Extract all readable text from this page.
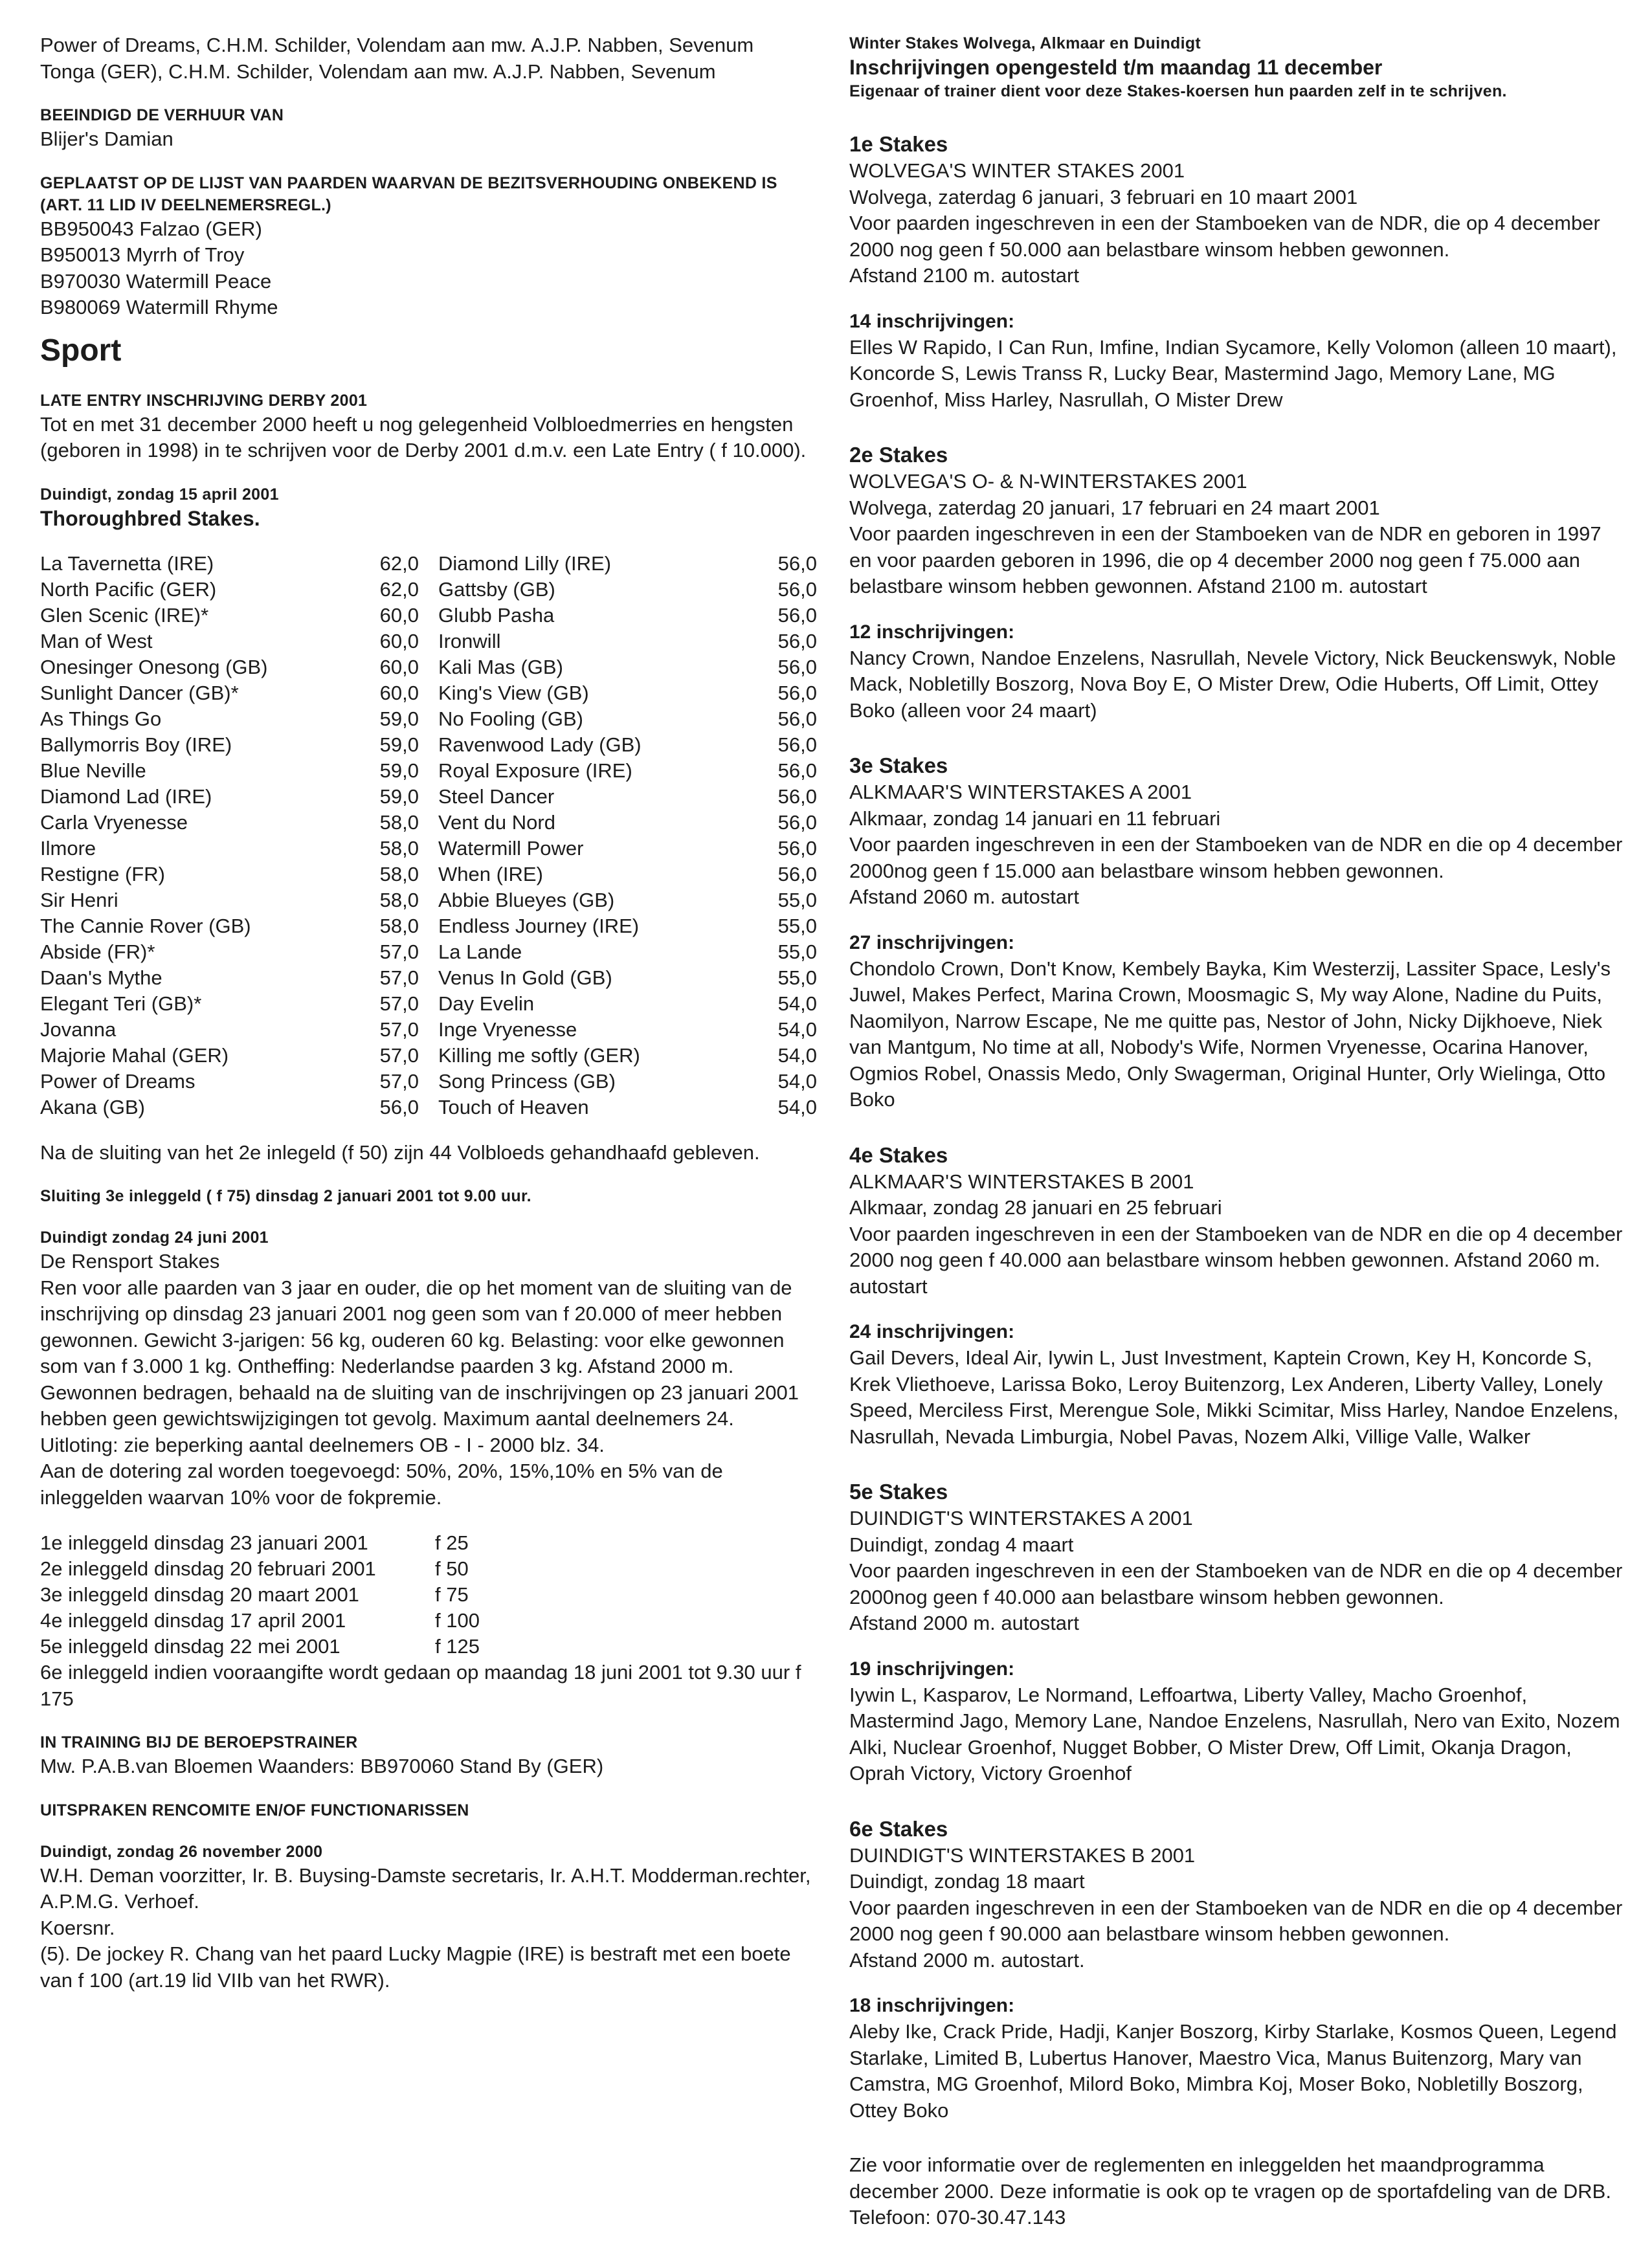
Power of Dreams, C.H.M. Schilder, Volendam aan mw. A.J.P. Nabben, Sevenum

Tonga (GER), C.H.M. Schilder, Volendam aan mw. A.J.P. Nabben, Sevenum

BEEINDIGD DE VERHUUR VAN

Blijer's Damian

GEPLAATST OP DE LIJST VAN PAARDEN WAARVAN DE BEZITSVERHOUDING ONBEKEND IS (ART. 11 LID IV DEELNEMERSREGL.)

BB950043 Falzao (GER)

B950013 Myrrh of Troy

B970030 Watermill Peace

B980069 Watermill Rhyme

Sport

LATE ENTRY INSCHRIJVING DERBY 2001

Tot en met 31 december 2000 heeft u nog gelegenheid Volbloedmerries en hengsten (geboren in 1998) in te schrijven voor de Derby 2001 d.m.v. een Late Entry ( f 10.000).

Duindigt, zondag 15 april 2001

Thoroughbred Stakes.

La Tavernetta (IRE)	62,0
North Pacific (GER)	62,0
Glen Scenic (IRE)*	60,0
Man of West	60,0
Onesinger Onesong (GB)	60,0
Sunlight Dancer (GB)*	60,0
As Things Go	59,0
Ballymorris Boy (IRE)	59,0
Blue Neville	59,0
Diamond Lad (IRE)	59,0
Carla Vryenesse	58,0
Ilmore	58,0
Restigne (FR)	58,0
Sir Henri	58,0
The Cannie Rover (GB)	58,0
Abside (FR)*	57,0
Daan's Mythe	57,0
Elegant Teri (GB)*	57,0
Jovanna	57,0
Majorie Mahal (GER)	57,0
Power of Dreams	57,0
Akana (GB)	56,0
Diamond Lilly (IRE)	56,0
Gattsby (GB)	56,0
Glubb Pasha	56,0
Ironwill	56,0
Kali Mas (GB)	56,0
King's View (GB)	56,0
No Fooling (GB)	56,0
Ravenwood Lady (GB)	56,0
Royal Exposure (IRE)	56,0
Steel Dancer	56,0
Vent du Nord	56,0
Watermill Power	56,0
When (IRE)	56,0
Abbie Blueyes (GB)	55,0
Endless Journey (IRE)	55,0
La Lande	55,0
Venus In Gold (GB)	55,0
Day Evelin	54,0
Inge Vryenesse	54,0
Killing me softly (GER)	54,0
Song Princess (GB)	54,0
Touch of Heaven	54,0

Na de sluiting van het 2e inlegeld (f 50) zijn 44 Volbloeds gehandhaafd gebleven.

Sluiting 3e inleggeld ( f 75) dinsdag 2 januari 2001 tot 9.00 uur.

Duindigt zondag 24 juni 2001

De Rensport Stakes

Ren voor alle paarden van 3 jaar en ouder, die op het moment van de sluiting van de inschrijving op dinsdag 23 januari 2001 nog geen som van f 20.000 of meer hebben gewonnen. Gewicht 3-jarigen: 56 kg, ouderen 60 kg. Belasting: voor elke gewonnen som van f 3.000 1 kg. Ontheffing: Nederlandse paarden 3 kg. Afstand 2000 m.

Gewonnen bedragen, behaald na de sluiting van de inschrijvingen op 23 januari 2001 hebben geen gewichtswijzigingen tot gevolg. Maximum aantal deelnemers 24. Uitloting: zie beperking aantal deelnemers OB - I - 2000 blz. 34.

Aan de dotering zal worden toegevoegd: 50%, 20%, 15%,10% en 5% van de inleggelden waarvan 10% voor de fokpremie.

1e inleggeld dinsdag 23 januari 2001	f 25
2e inleggeld dinsdag 20 februari 2001	f 50
3e inleggeld dinsdag 20 maart 2001	f 75
4e inleggeld dinsdag 17 april 2001	f 100
5e inleggeld dinsdag 22 mei 2001	f 125

6e inleggeld indien vooraangifte wordt gedaan op maandag 18 juni 2001 tot 9.30 uur f 175

IN TRAINING BIJ DE BEROEPSTRAINER

Mw. P.A.B.van Bloemen Waanders: BB970060 Stand By (GER)

UITSPRAKEN RENCOMITE EN/OF FUNCTIONARISSEN

Duindigt, zondag 26 november 2000

W.H. Deman voorzitter, Ir. B. Buysing-Damste secretaris, Ir. A.H.T. Modderman.rechter, A.P.M.G. Verhoef.

Koersnr.

(5). De jockey R. Chang van het paard Lucky Magpie (IRE) is bestraft met een boete van f 100 (art.19 lid VIIb van het RWR).

Winter Stakes Wolvega, Alkmaar en Duindigt

Inschrijvingen opengesteld t/m maandag 11 december

Eigenaar of trainer dient voor deze Stakes-koersen hun paarden zelf in te schrijven.

1e Stakes

WOLVEGA'S WINTER STAKES 2001

Wolvega, zaterdag 6 januari, 3 februari en 10 maart 2001

Voor paarden ingeschreven in een der Stamboeken van de NDR, die op 4 december 2000 nog geen f 50.000 aan belastbare winsom hebben gewonnen.

Afstand 2100 m. autostart

14 inschrijvingen:

Elles W Rapido, I Can Run, Imfine, Indian Sycamore, Kelly Volomon (alleen 10 maart), Koncorde S, Lewis Transs R, Lucky Bear, Mastermind Jago, Memory Lane, MG Groenhof, Miss Harley, Nasrullah, O Mister Drew

2e Stakes

WOLVEGA'S O- & N-WINTERSTAKES 2001

Wolvega, zaterdag 20 januari, 17 februari en 24 maart 2001

Voor paarden ingeschreven in een der Stamboeken van de NDR en geboren in 1997 en voor paarden geboren in 1996, die op 4 december 2000 nog geen f 75.000 aan belastbare winsom hebben gewonnen. Afstand 2100 m. autostart

12 inschrijvingen:

Nancy Crown, Nandoe Enzelens, Nasrullah, Nevele Victory, Nick Beuckenswyk, Noble Mack, Nobletilly Boszorg, Nova Boy E, O Mister Drew, Odie Huberts, Off Limit, Ottey Boko (alleen voor 24 maart)

3e Stakes

ALKMAAR'S WINTERSTAKES A 2001

Alkmaar, zondag 14 januari en 11 februari

Voor paarden ingeschreven in een der Stamboeken van de NDR en die op 4 december 2000nog geen f 15.000 aan belastbare winsom hebben gewonnen.

Afstand 2060 m. autostart

27 inschrijvingen:

Chondolo Crown, Don't Know, Kembely Bayka, Kim Westerzij, Lassiter Space, Lesly's Juwel, Makes Perfect, Marina Crown, Moosmagic S, My way Alone, Nadine du Puits, Naomilyon, Narrow Escape, Ne me quitte pas, Nestor of John, Nicky Dijkhoeve, Niek van Mantgum, No time at all, Nobody's Wife, Normen Vryenesse, Ocarina Hanover, Ogmios Robel, Onassis Medo, Only Swagerman, Original Hunter, Orly Wielinga, Otto Boko

4e Stakes

ALKMAAR'S WINTERSTAKES B 2001

Alkmaar, zondag 28 januari en 25 februari

Voor paarden ingeschreven in een der Stamboeken van de NDR en die op 4 december 2000 nog geen f 40.000 aan belastbare winsom hebben gewonnen. Afstand 2060 m. autostart

24 inschrijvingen:

Gail Devers, Ideal Air, Iywin L, Just Investment, Kaptein Crown, Key H, Koncorde S, Krek Vliethoeve, Larissa Boko, Leroy Buitenzorg, Lex Anderen, Liberty Valley, Lonely Speed, Merciless First, Merengue Sole, Mikki Scimitar, Miss Harley, Nandoe Enzelens, Nasrullah, Nevada Limburgia, Nobel Pavas, Nozem Alki, Villige Valle, Walker

5e Stakes

DUINDIGT'S WINTERSTAKES A 2001

Duindigt, zondag 4 maart

Voor paarden ingeschreven in een der Stamboeken van de NDR en die op 4 december 2000nog geen f 40.000 aan belastbare winsom hebben gewonnen.

Afstand 2000 m. autostart

19 inschrijvingen:

Iywin L, Kasparov, Le Normand, Leffoartwa, Liberty Valley, Macho Groenhof, Mastermind Jago, Memory Lane, Nandoe Enzelens, Nasrullah, Nero van Exito, Nozem Alki, Nuclear Groenhof, Nugget Bobber, O Mister Drew, Off Limit, Okanja Dragon, Oprah Victory, Victory Groenhof

6e Stakes

DUINDIGT'S WINTERSTAKES B 2001

Duindigt, zondag 18 maart

Voor paarden ingeschreven in een der Stamboeken van de NDR en die op 4 december 2000 nog geen f 90.000 aan belastbare winsom hebben gewonnen.

Afstand 2000 m. autostart.

18 inschrijvingen:

Aleby Ike, Crack Pride, Hadji, Kanjer Boszorg, Kirby Starlake, Kosmos Queen, Legend Starlake, Limited B, Lubertus Hanover, Maestro Vica, Manus Buitenzorg, Mary van Camstra, MG Groenhof, Milord Boko, Mimbra Koj, Moser Boko, Nobletilly Boszorg, Ottey Boko

Zie voor informatie over de reglementen en inleggelden het maandprogramma december 2000. Deze informatie is ook op te vragen op de sportafdeling van de DRB. Telefoon: 070-30.47.143
